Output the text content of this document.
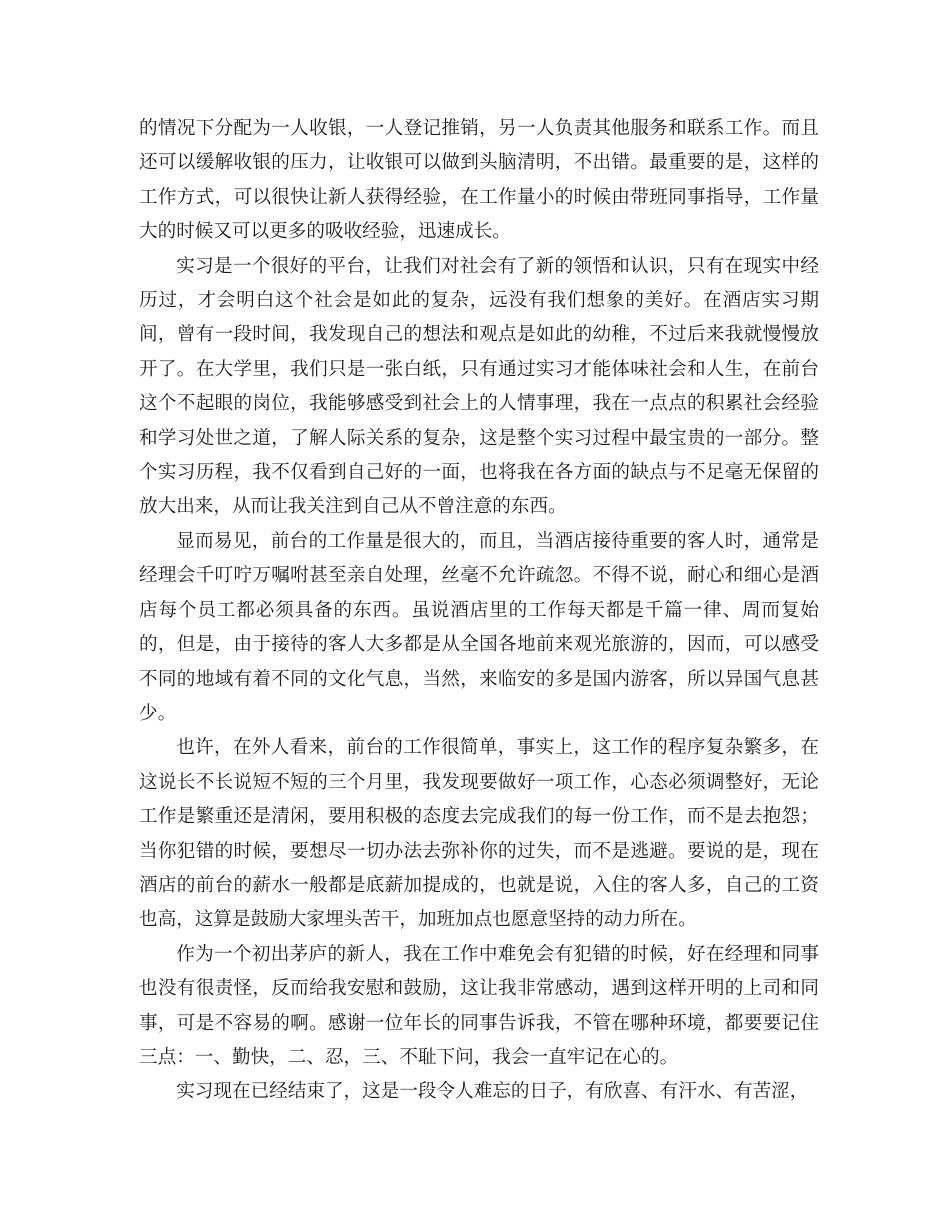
的情况下分配为一人收银，一人登记推销，另一人负责其他服务和联系工作。而且还可以缓解收银的压力，让收银可以做到头脑清明，不出错。最重要的是，这样的工作方式，可以很快让新人获得经验，在工作量小的时候由带班同事指导，工作量大的时候又可以更多的吸收经验，迅速成长。

实习是一个很好的平台，让我们对社会有了新的领悟和认识，只有在现实中经历过，才会明白这个社会是如此的复杂，远没有我们想象的美好。在酒店实习期间，曾有一段时间，我发现自己的想法和观点是如此的幼稚，不过后来我就慢慢放开了。在大学里，我们只是一张白纸，只有通过实习才能体味社会和人生，在前台这个不起眼的岗位，我能够感受到社会上的人情事理，我在一点点的积累社会经验和学习处世之道，了解人际关系的复杂，这是整个实习过程中最宝贵的一部分。整个实习历程，我不仅看到自己好的一面，也将我在各方面的缺点与不足毫无保留的放大出来，从而让我关注到自己从不曾注意的东西。

显而易见，前台的工作量是很大的，而且，当酒店接待重要的客人时，通常是经理会千叮咛万嘱咐甚至亲自处理，丝毫不允许疏忽。不得不说，耐心和细心是酒店每个员工都必须具备的东西。虽说酒店里的工作每天都是千篇一律、周而复始的，但是，由于接待的客人大多都是从全国各地前来观光旅游的，因而，可以感受不同的地域有着不同的文化气息，当然，来临安的多是国内游客，所以异国气息甚少。

也许，在外人看来，前台的工作很简单，事实上，这工作的程序复杂繁多，在这说长不长说短不短的三个月里，我发现要做好一项工作，心态必须调整好，无论工作是繁重还是清闲，要用积极的态度去完成我们的每一份工作，而不是去抱怨；当你犯错的时候，要想尽一切办法去弥补你的过失，而不是逃避。要说的是，现在酒店的前台的薪水一般都是底薪加提成的，也就是说，入住的客人多，自己的工资也高，这算是鼓励大家埋头苦干，加班加点也愿意坚持的动力所在。

作为一个初出茅庐的新人，我在工作中难免会有犯错的时候，好在经理和同事也没有很责怪，反而给我安慰和鼓励，这让我非常感动，遇到这样开明的上司和同事，可是不容易的啊。感谢一位年长的同事告诉我，不管在哪种环境，都要要记住三点：一、勤快，二、忍，三、不耻下问，我会一直牢记在心的。

实习现在已经结束了，这是一段令人难忘的日子，有欣喜、有汗水、有苦涩，
